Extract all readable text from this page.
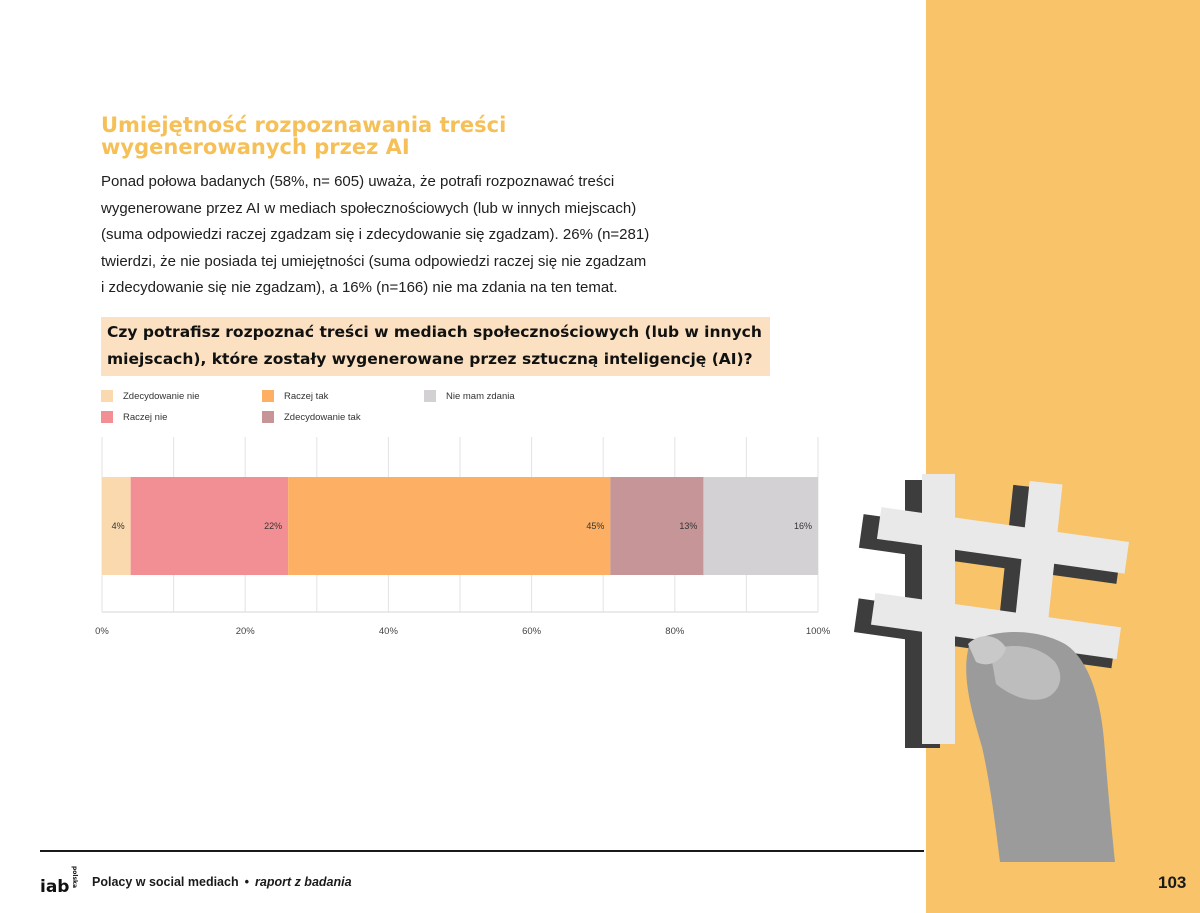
Umiejętność rozpoznawania treści
wygenerowanych przez AI
Ponad połowa badanych (58%, n= 605) uważa, że potrafi rozpoznawać treści
wygenerowane przez AI w mediach społecznościowych (lub w innych miejscach)
(suma odpowiedzi raczej zgadzam się i zdecydowanie się zgadzam). 26% (n=281)
twierdzi, że nie posiada tej umiejętności (suma odpowiedzi raczej się nie zgadzam
i zdecydowanie się nie zgadzam), a 16% (n=166) nie ma zdania na ten temat.
Czy potrafisz rozpoznać treści w mediach społecznościowych (lub w innych
miejscach), które zostały wygenerowane przez sztuczną inteligencję (AI)?
Zdecydowanie nie	Raczej tak	Nie mam zdania
Raczej nie	Zdecydowanie tak
0%	20%	40%	60%	80%	100%
4%	22%	45%	13%	16%
iab polska Polacy w social mediach • raport z badania	103
